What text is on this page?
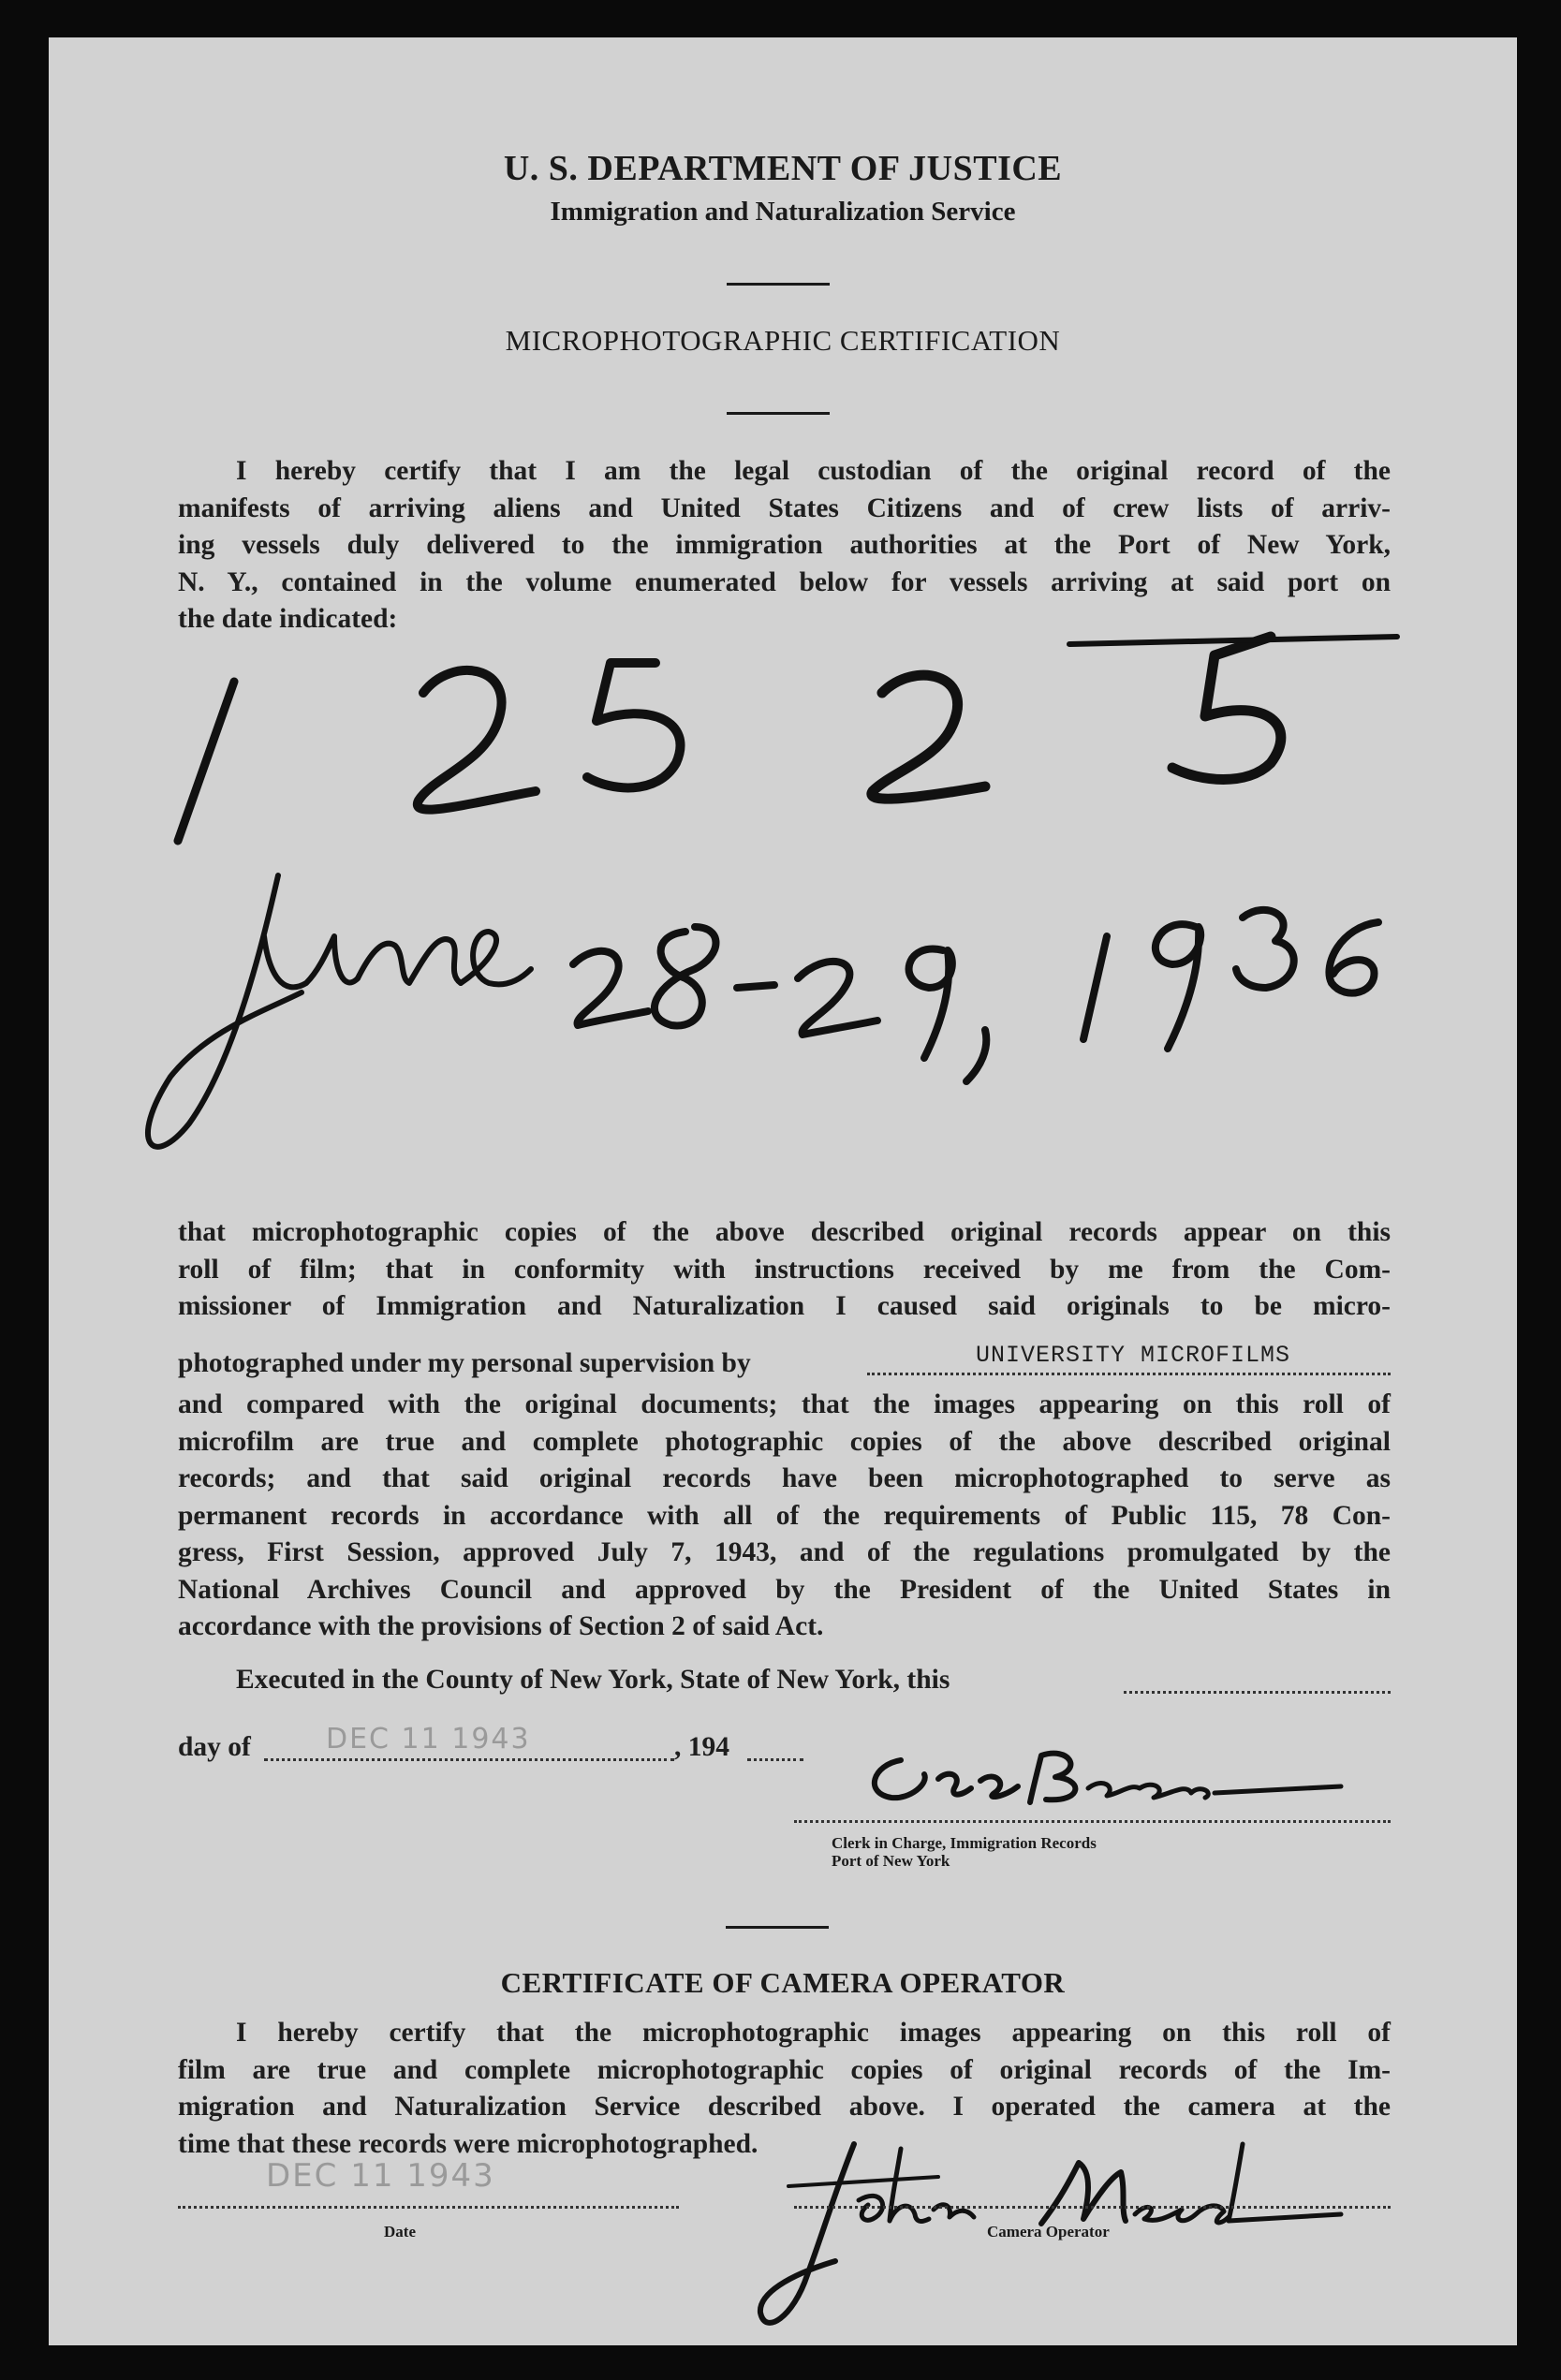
U. S. DEPARTMENT OF JUSTICE
Immigration and Naturalization Service
MICROPHOTOGRAPHIC CERTIFICATION
I hereby certify that I am the legal custodian of the original record of the
manifests of arriving aliens and United States Citizens and of crew lists of arriv-
ing vessels duly delivered to the immigration authorities at the Port of New York,
N. Y., contained in the volume enumerated below for vessels arriving at said port on
the date indicated:
that microphotographic copies of the above described original records appear on this
roll of film; that in conformity with instructions received by me from the Com-
missioner of Immigration and Naturalization I caused said originals to be micro-
photographed under my personal supervision by	UNIVERSITY MICROFILMS
and compared with the original documents; that the images appearing on this roll of
microfilm are true and complete photographic copies of the above described original
records; and that said original records have been microphotographed to serve as
permanent records in accordance with all of the requirements of Public 115, 78 Con-
gress, First Session, approved July 7, 1943, and of the regulations promulgated by the
National Archives Council and approved by the President of the United States in
accordance with the provisions of Section 2 of said Act.
Executed in the County of New York, State of New York, this
day of	DEC 11 1943	, 194
Clerk in Charge, Immigration Records
Port of New York
CERTIFICATE OF CAMERA OPERATOR
I hereby certify that the microphotographic images appearing on this roll of
film are true and complete microphotographic copies of original records of the Im-
migration and Naturalization Service described above. I operated the camera at the
time that these records were microphotographed.
DEC 11 1943
Date	Camera Operator
